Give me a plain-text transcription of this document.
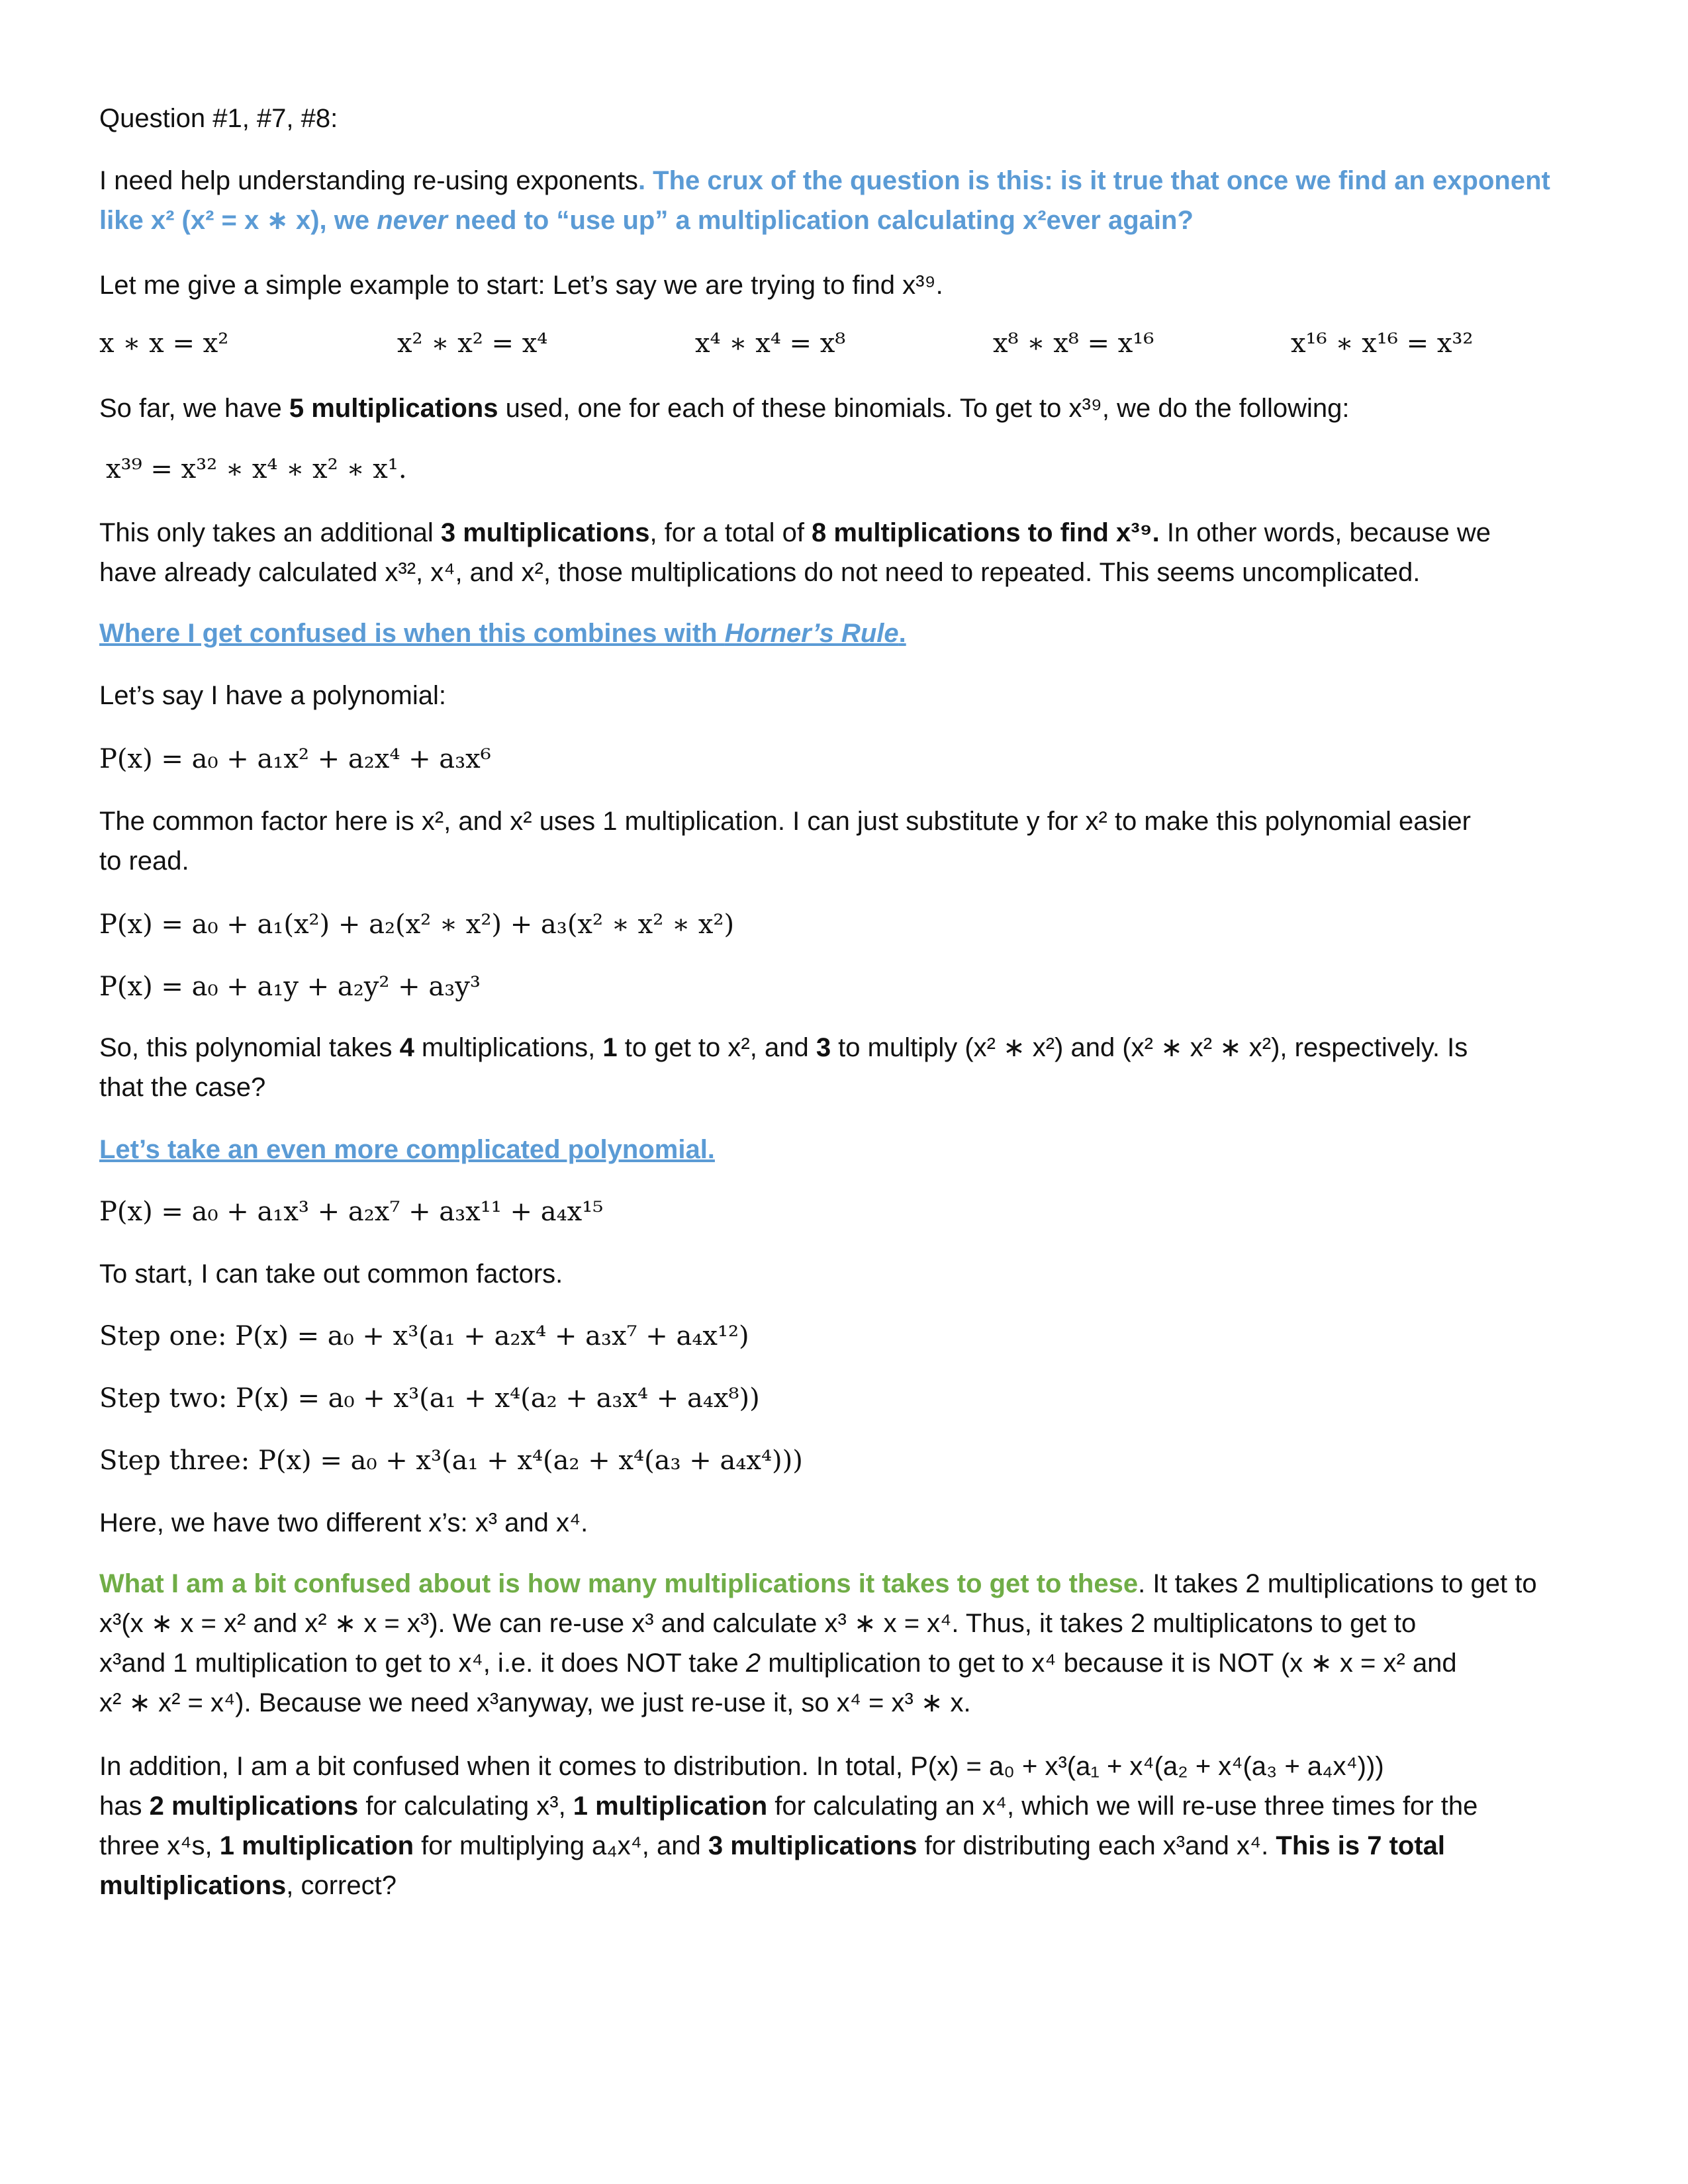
Question #1, #7, #8:
I need help understanding re-using exponents. The crux of the question is this: is it true that once we find an exponent
like x² (x² = x ∗ x), we never need to “use up” a multiplication calculating x²ever again?
Let me give a simple example to start: Let’s say we are trying to find x³⁹.
x ∗ x = x²	x² ∗ x² = x⁴	x⁴ ∗ x⁴ = x⁸	x⁸ ∗ x⁸ = x¹⁶	x¹⁶ ∗ x¹⁶ = x³²
So far, we have 5 multiplications used, one for each of these binomials. To get to x³⁹, we do the following:
x³⁹ = x³² ∗ x⁴ ∗ x² ∗ x¹.
This only takes an additional 3 multiplications, for a total of 8 multiplications to find x³⁹. In other words, because we
have already calculated x³², x⁴, and x², those multiplications do not need to repeated. This seems uncomplicated.
Where I get confused is when this combines with Horner’s Rule.
Let’s say I have a polynomial:
P(x) = a₀ + a₁x² + a₂x⁴ + a₃x⁶
The common factor here is x², and x² uses 1 multiplication. I can just substitute y for x² to make this polynomial easier
to read.
P(x) = a₀ + a₁(x²) + a₂(x² ∗ x²) + a₃(x² ∗ x² ∗ x²)
P(x) = a₀ + a₁y + a₂y² + a₃y³
So, this polynomial takes 4 multiplications, 1 to get to x², and 3 to multiply (x² ∗ x²) and (x² ∗ x² ∗ x²), respectively. Is
that the case?
Let’s take an even more complicated polynomial.
P(x) = a₀ + a₁x³ + a₂x⁷ + a₃x¹¹ + a₄x¹⁵
To start, I can take out common factors.
Step one: P(x) = a₀ + x³(a₁ + a₂x⁴ + a₃x⁷ + a₄x¹²)
Step two: P(x) = a₀ + x³(a₁ + x⁴(a₂ + a₃x⁴ + a₄x⁸))
Step three: P(x) = a₀ + x³(a₁ + x⁴(a₂ + x⁴(a₃ + a₄x⁴)))
Here, we have two different x’s: x³ and x⁴.
What I am a bit confused about is how many multiplications it takes to get to these. It takes 2 multiplications to get to
x³(x ∗ x = x² and x² ∗ x = x³). We can re-use x³ and calculate x³ ∗ x = x⁴. Thus, it takes 2 multiplicatons to get to
x³and 1 multiplication to get to x⁴, i.e. it does NOT take 2 multiplication to get to x⁴ because it is NOT (x ∗ x = x² and
x² ∗ x² = x⁴). Because we need x³anyway, we just re-use it, so x⁴ = x³ ∗ x.
In addition, I am a bit confused when it comes to distribution. In total, P(x) = a₀ + x³(a₁ + x⁴(a₂ + x⁴(a₃ + a₄x⁴)))
has 2 multiplications for calculating x³, 1 multiplication for calculating an x⁴, which we will re-use three times for the
three x⁴s, 1 multiplication for multiplying a₄x⁴, and 3 multiplications for distributing each x³and x⁴. This is 7 total
multiplications, correct?
